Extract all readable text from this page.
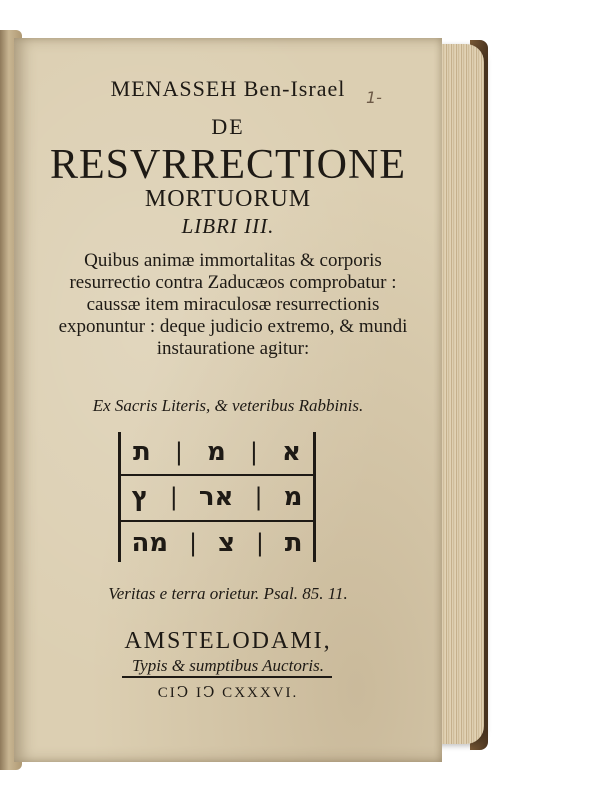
1-
MENASSEH Ben-Israel
DE
RESVRRECTIONE
MORTUORUM
LIBRI III.
Quibus animæ immortalitas & corporis resurrectio contra Zaducæos comprobatur : caussæ item miraculosæ resurrectionis exponuntur : deque judicio extremo, & mundi instauratione agitur:
Ex Sacris Literis, & veteribus Rabbinis.
ת | מ | א
ץ | אר | מ
מה | צ | ת
Veritas e terra orietur. Psal. 85. 11.
AMSTELODAMI,
Typis & sumptibus Auctoris.
CIↃ IↃ CXXXVI.
